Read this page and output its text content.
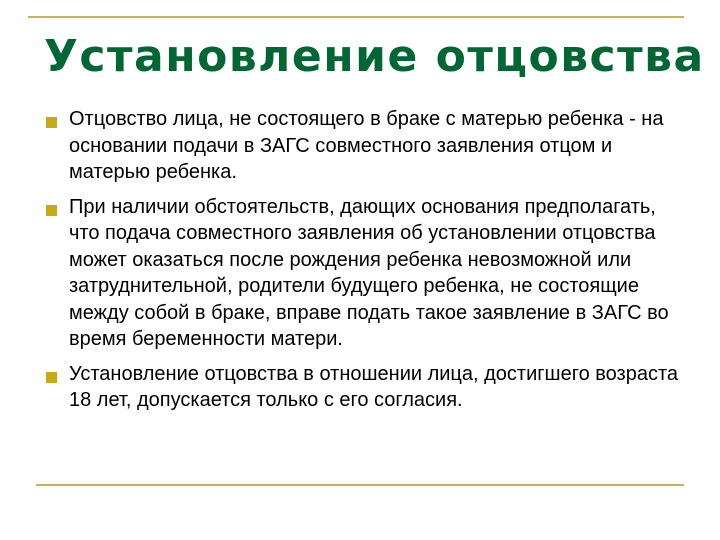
Установление отцовства
Отцовство лица, не состоящего в браке с матерью ребенка - на основании подачи в ЗАГС совместного заявления отцом и матерью ребенка.
При наличии обстоятельств, дающих основания предполагать, что подача совместного заявления об установлении отцовства может оказаться после рождения ребенка невозможной или затруднительной, родители будущего ребенка, не состоящие между собой в браке, вправе подать такое заявление в ЗАГС во время беременности матери.
Установление отцовства в отношении лица, достигшего возраста 18 лет, допускается только с его согласия.
